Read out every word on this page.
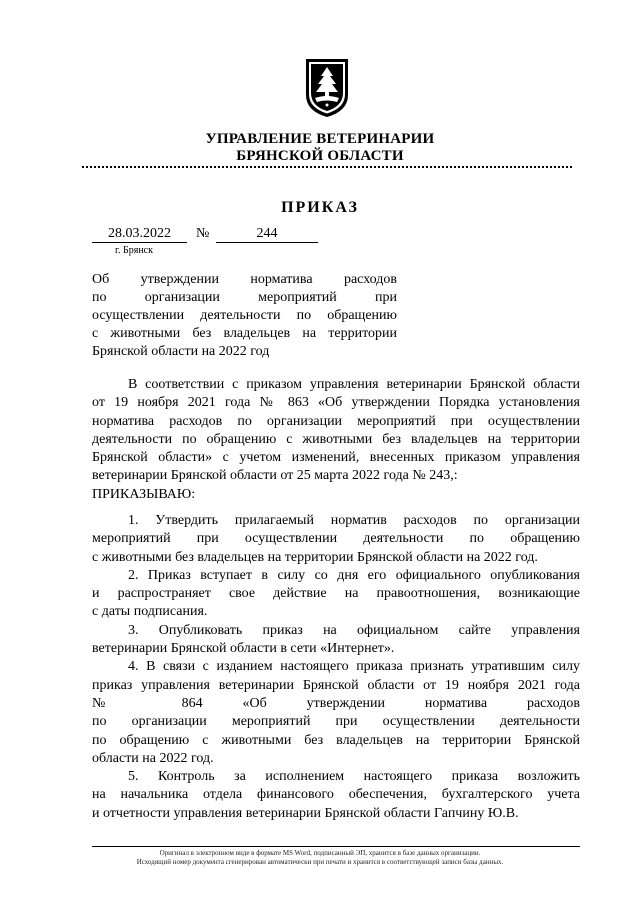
УПРАВЛЕНИЕ ВЕТЕРИНАРИИ
БРЯНСКОЙ ОБЛАСТИ
ПРИКАЗ
28.03.2022	№	244
г. Брянск
Об утверждении норматива расходов
по организации мероприятий при
осуществлении деятельности по обращению
с животными без владельцев на территории
Брянской области на 2022 год
В соответствии с приказом управления ветеринарии Брянской области
от 19 ноября 2021 года № 863 «Об утверждении Порядка установления
норматива расходов по организации мероприятий при осуществлении
деятельности по обращению с животными без владельцев на территории
Брянской области» с учетом изменений, внесенных приказом управления
ветеринарии Брянской области от 25 марта 2022 года № 243,:
ПРИКАЗЫВАЮ:
1. Утвердить прилагаемый норматив расходов по организации
мероприятий при осуществлении деятельности по обращению
с животными без владельцев на территории Брянской области на 2022 год.
2. Приказ вступает в силу со дня его официального опубликования
и распространяет свое действие на правоотношения, возникающие
с даты подписания.
3. Опубликовать приказ на официальном сайте управления
ветеринарии Брянской области в сети «Интернет».
4. В связи с изданием настоящего приказа признать утратившим силу
приказ управления ветеринарии Брянской области от 19 ноября 2021 года
№ 864 «Об утверждении норматива расходов
по организации мероприятий при осуществлении деятельности
по обращению с животными без владельцев на территории Брянской
области на 2022 год.
5. Контроль за исполнением настоящего приказа возложить
на начальника отдела финансового обеспечения, бухгалтерского учета
и отчетности управления ветеринарии Брянской области Гапчину Ю.В.
Оригинал в электронном виде в формате MS Word, подписанный ЭП, хранится в базе данных организации.
Исходящий номер документа сгенерирован автоматически при печати и хранится в соответствующей записи базы данных.
